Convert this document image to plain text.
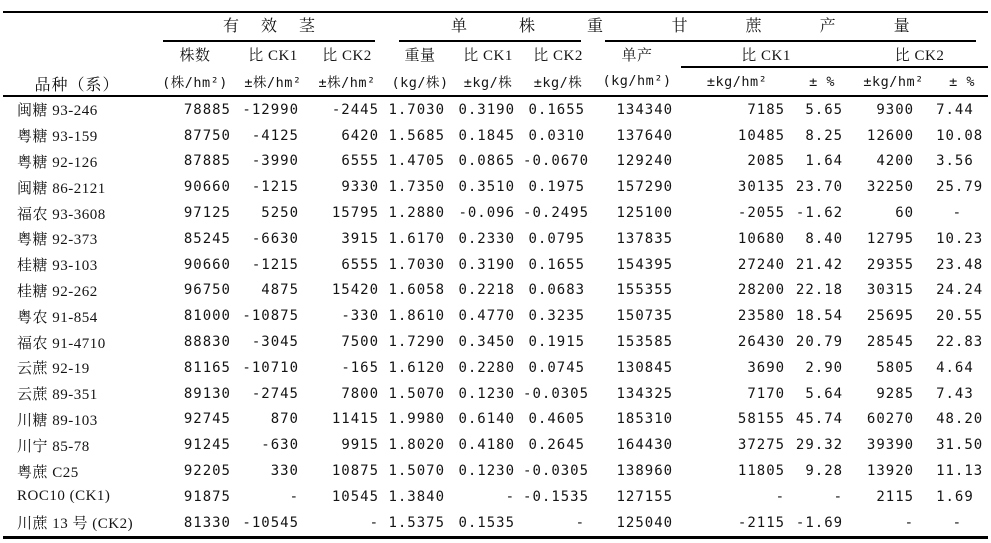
品种（系）	有效茎			单株重			甘蔗产量				

	株数	比 CK1	比 CK2	重量	比 CK1	比 CK2	单产	比 CK1		比 CK2	
	(株/hm²)	±株/hm²	±株/hm²	(kg/株)	±kg/株	±kg/株	(kg/hm²)	±kg/hm²	± %	±kg/hm²	± %
闽糖 93-246	78885	-12990	-2445	1.7030	0.3190	0.1655	134340	7185	5.65	9300	7.44
粤糖 93-159	87750	-4125	6420	1.5685	0.1845	0.0310	137640	10485	8.25	12600	10.08
粤糖 92-126	87885	-3990	6555	1.4705	0.0865	-0.0670	129240	2085	1.64	4200	3.56
闽糖 86-2121	90660	-1215	9330	1.7350	0.3510	0.1975	157290	30135	23.70	32250	25.79
福农 93-3608	97125	5250	15795	1.2880	-0.096	-0.2495	125100	-2055	-1.62	60	-
粤糖 92-373	85245	-6630	3915	1.6170	0.2330	0.0795	137835	10680	8.40	12795	10.23
桂糖 93-103	90660	-1215	6555	1.7030	0.3190	0.1655	154395	27240	21.42	29355	23.48
桂糖 92-262	96750	4875	15420	1.6058	0.2218	0.0683	155355	28200	22.18	30315	24.24
粤农 91-854	81000	-10875	-330	1.8610	0.4770	0.3235	150735	23580	18.54	25695	20.55
福农 91-4710	88830	-3045	7500	1.7290	0.3450	0.1915	153585	26430	20.79	28545	22.83
云蔗 92-19	81165	-10710	-165	1.6120	0.2280	0.0745	130845	3690	2.90	5805	4.64
云蔗 89-351	89130	-2745	7800	1.5070	0.1230	-0.0305	134325	7170	5.64	9285	7.43
川糖 89-103	92745	870	11415	1.9980	0.6140	0.4605	185310	58155	45.74	60270	48.20
川宁 85-78	91245	-630	9915	1.8020	0.4180	0.2645	164430	37275	29.32	39390	31.50
粤蔗 C25	92205	330	10875	1.5070	0.1230	-0.0305	138960	11805	9.28	13920	11.13
ROC10 (CK1)	91875	-	10545	1.3840	-	-0.1535	127155	-	-	2115	1.69
川蔗 13 号 (CK2)	81330	-10545	-	1.5375	0.1535	-	125040	-2115	-1.69	-	-
